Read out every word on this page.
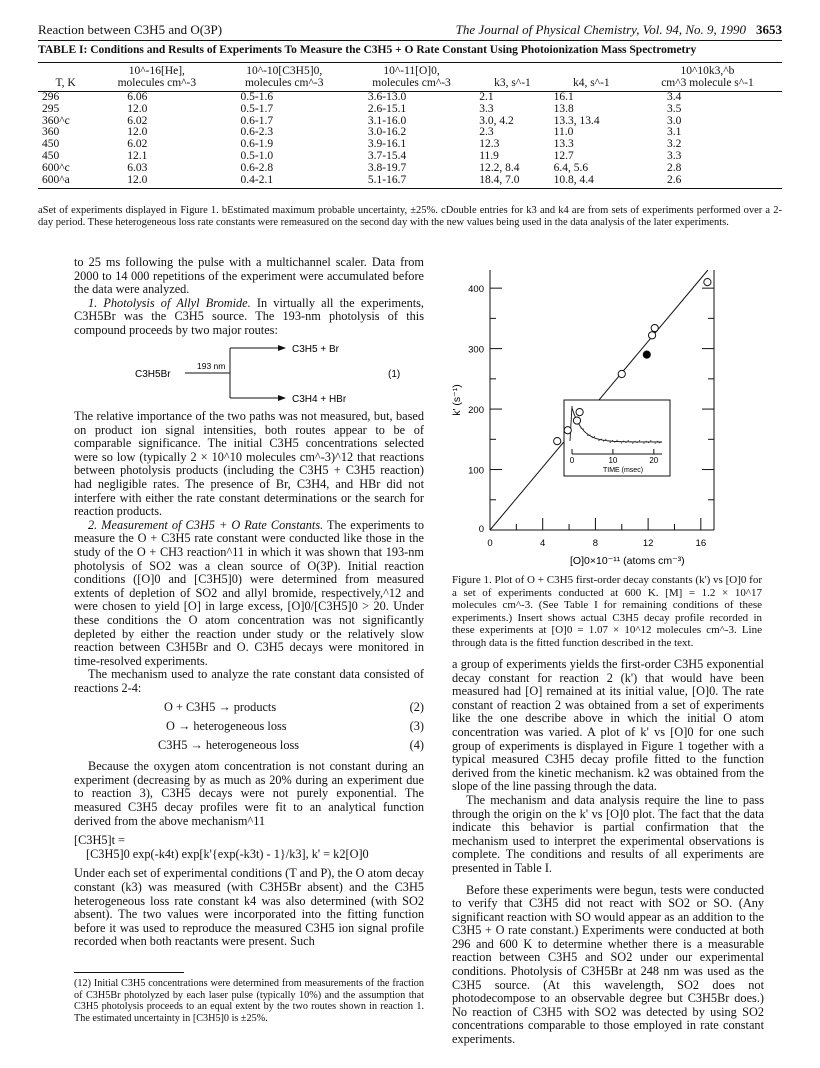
Reaction between C3H5 and O(3P)	The Journal of Physical Chemistry, Vol. 94, No. 9, 1990 3653
TABLE I: Conditions and Results of Experiments To Measure the C3H5 + O Rate Constant Using Photoionization Mass Spectrometry
	10^-16[He],	10^-10[C3H5]0,	10^-11[O]0,			10^10k3,^b
T, K	molecules cm^-3	molecules cm^-3	molecules cm^-3	k3, s^-1	k4, s^-1	cm^3 molecule s^-1
296	6.06	0.5-1.6	3.6-13.0	2.1	16.1	3.4
295	12.0	0.5-1.7	2.6-15.1	3.3	13.8	3.5
360^c	6.02	0.6-1.7	3.1-16.0	3.0, 4.2	13.3, 13.4	3.0
360	12.0	0.6-2.3	3.0-16.2	2.3	11.0	3.1
450	6.02	0.6-1.9	3.9-16.1	12.3	13.3	3.2
450	12.1	0.5-1.0	3.7-15.4	11.9	12.7	3.3
600^c	6.03	0.6-2.8	3.8-19.7	12.2, 8.4	6.4, 5.6	2.8
600^a	12.0	0.4-2.1	5.1-16.7	18.4, 7.0	10.8, 4.4	2.6
aSet of experiments displayed in Figure 1. bEstimated maximum probable uncertainty, ±25%. cDouble entries for k3 and k4 are from sets of experiments performed over a 2-day period. These heterogeneous loss rate constants were remeasured on the second day with the new values being used in the data analysis of the later experiments.

to 25 ms following the pulse with a multichannel scaler. Data from 2000 to 14 000 repetitions of the experiment were accumulated before the data were analyzed.

1. Photolysis of Allyl Bromide. In virtually all the experiments, C3H5Br was the C3H5 source. The 193-nm photolysis of this compound proceeds by two major routes:

C3H5Br
193 nm
C3H5 + Br
C3H4 + HBr
(1)

The relative importance of the two paths was not measured, but, based on product ion signal intensities, both routes appear to be of comparable significance. The initial C3H5 concentrations selected were so low (typically 2 × 10^10 molecules cm^-3)^12 that reactions between photolysis products (including the C3H5 + C3H5 reaction) had negligible rates. The presence of Br, C3H4, and HBr did not interfere with either the rate constant determinations or the search for reaction products.

2. Measurement of C3H5 + O Rate Constants. The experiments to measure the O + C3H5 rate constant were conducted like those in the study of the O + CH3 reaction^11 in which it was shown that 193-nm photolysis of SO2 was a clean source of O(3P). Initial reaction conditions ([O]0 and [C3H5]0) were determined from measured extents of depletion of SO2 and allyl bromide, respectively,^12 and were chosen to yield [O] in large excess, [O]0/[C3H5]0 > 20. Under these conditions the O atom concentration was not significantly depleted by either the reaction under study or the relatively slow reaction between C3H5Br and O. C3H5 decays were monitored in time-resolved experiments.

The mechanism used to analyze the rate constant data consisted of reactions 2-4:

O + C3H5 → products	(2)
O → heterogeneous loss	(3)
C3H5 → heterogeneous loss	(4)

Because the oxygen atom concentration is not constant during an experiment (decreasing by as much as 20% during an experiment due to reaction 3), C3H5 decays were not purely exponential. The measured C3H5 decay profiles were fit to an analytical function derived from the above mechanism^11

[C3H5]t =
[C3H5]0 exp(-k4t) exp[k'{exp(-k3t) - 1}/k3], k' = k2[O]0

Under each set of experimental conditions (T and P), the O atom decay constant (k3) was measured (with C3H5Br absent) and the C3H5 heterogeneous loss rate constant k4 was also determined (with SO2 absent). The two values were incorporated into the fitting function before it was used to reproduce the measured C3H5 ion signal profile recorded when both reactants were present. Such

(12) Initial C3H5 concentrations were determined from measurements of the fraction of C3H5Br photolyzed by each laser pulse (typically 10%) and the assumption that C3H5 photolysis proceeds to an equal extent by the two routes shown in reaction 1. The estimated uncertainty in [C3H5]0 is ±25%.
100
200
300
400
0
0	4	8	12	16
[O]0×10⁻¹¹ (atoms cm⁻³)
k' (s⁻¹)
0	10	20
TIME (msec)
Figure 1. Plot of O + C3H5 first-order decay constants (k') vs [O]0 for a set of experiments conducted at 600 K. [M] = 1.2 × 10^17 molecules cm^-3. (See Table I for remaining conditions of these experiments.) Insert shows actual C3H5 decay profile recorded in these experiments at [O]0 = 1.07 × 10^12 molecules cm^-3. Line through data is the fitted function described in the text.

a group of experiments yields the first-order C3H5 exponential decay constant for reaction 2 (k') that would have been measured had [O] remained at its initial value, [O]0. The rate constant of reaction 2 was obtained from a set of experiments like the one describe above in which the initial O atom concentration was varied. A plot of k' vs [O]0 for one such group of experiments is displayed in Figure 1 together with a typical measured C3H5 decay profile fitted to the function derived from the kinetic mechanism. k2 was obtained from the slope of the line passing through the data.

The mechanism and data analysis require the line to pass through the origin on the k' vs [O]0 plot. The fact that the data indicate this behavior is partial confirmation that the mechanism used to interpret the experimental observations is complete. The conditions and results of all experiments are presented in Table I.

Before these experiments were begun, tests were conducted to verify that C3H5 did not react with SO2 or SO. (Any significant reaction with SO would appear as an addition to the C3H5 + O rate constant.) Experiments were conducted at both 296 and 600 K to determine whether there is a measurable reaction between C3H5 and SO2 under our experimental conditions. Photolysis of C3H5Br at 248 nm was used as the C3H5 source. (At this wavelength, SO2 does not photodecompose to an observable degree but C3H5Br does.) No reaction of C3H5 with SO2 was detected by using SO2 concentrations comparable to those employed in rate constant experiments.
